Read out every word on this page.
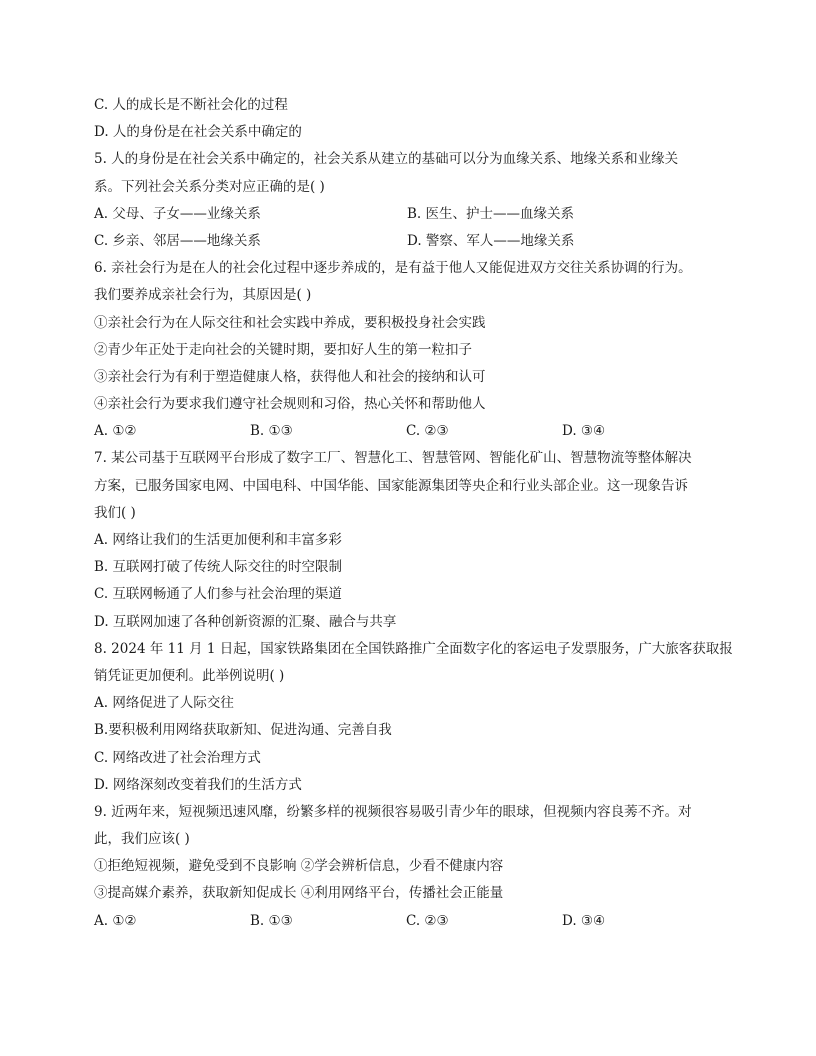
C. 人的成长是不断社会化的过程
D. 人的身份是在社会关系中确定的
5. 人的身份是在社会关系中确定的，社会关系从建立的基础可以分为血缘关系、地缘关系和业缘关
系。下列社会关系分类对应正确的是( )
A. 父母、子女——业缘关系	B. 医生、护士——血缘关系
C. 乡亲、邻居——地缘关系	D. 警察、军人——地缘关系
6. 亲社会行为是在人的社会化过程中逐步养成的，是有益于他人又能促进双方交往关系协调的行为。
我们要养成亲社会行为，其原因是( )
①亲社会行为在人际交往和社会实践中养成，要积极投身社会实践
②青少年正处于走向社会的关键时期，要扣好人生的第一粒扣子
③亲社会行为有利于塑造健康人格，获得他人和社会的接纳和认可
④亲社会行为要求我们遵守社会规则和习俗，热心关怀和帮助他人
A. ①②	B. ①③	C. ②③	D. ③④
7. 某公司基于互联网平台形成了数字工厂、智慧化工、智慧管网、智能化矿山、智慧物流等整体解决
方案，已服务国家电网、中国电科、中国华能、国家能源集团等央企和行业头部企业。这一现象告诉
我们( )
A. 网络让我们的生活更加便利和丰富多彩
B. 互联网打破了传统人际交往的时空限制
C. 互联网畅通了人们参与社会治理的渠道
D. 互联网加速了各种创新资源的汇聚、融合与共享
8. 2024 年 11 月 1 日起，国家铁路集团在全国铁路推广全面数字化的客运电子发票服务，广大旅客获取报
销凭证更加便利。此举例说明( )
A. 网络促进了人际交往
B.要积极利用网络获取新知、促进沟通、完善自我
C. 网络改进了社会治理方式
D. 网络深刻改变着我们的生活方式
9. 近两年来，短视频迅速风靡，纷繁多样的视频很容易吸引青少年的眼球，但视频内容良莠不齐。对
此，我们应该( )
①拒绝短视频，避免受到不良影响 ②学会辨析信息，少看不健康内容
③提高媒介素养，获取新知促成长 ④利用网络平台，传播社会正能量
A. ①②	B. ①③	C. ②③	D. ③④
